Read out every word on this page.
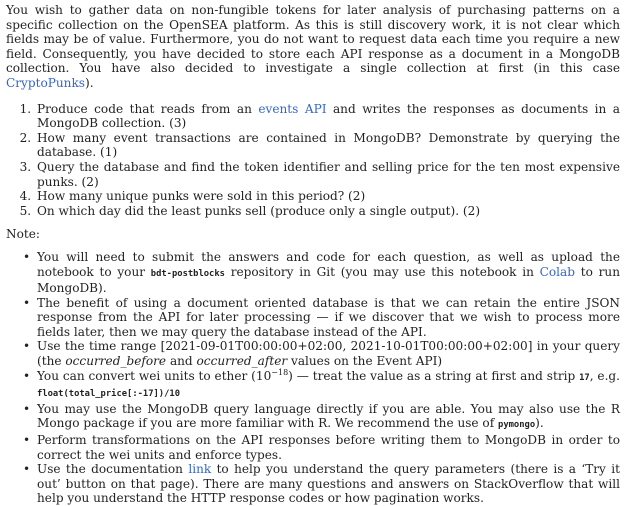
You wish to gather data on non-fungible tokens for later analysis of purchasing patterns on a specific collection on the OpenSEA platform. As this is still discovery work, it is not clear which fields may be of value. Furthermore, you do not want to request data each time you require a new field. Consequently, you have decided to store each API response as a document in a MongoDB collection. You have also decided to investigate a single collection at first (in this case CryptoPunks).

1. Produce code that reads from an events API and writes the responses as documents in a MongoDB collection. (3)
2. How many event transactions are contained in MongoDB? Demonstrate by querying the database. (1)
3. Query the database and find the token identifier and selling price for the ten most expensive punks. (2)
4. How many unique punks were sold in this period? (2)
5. On which day did the least punks sell (produce only a single output). (2)

Note:

• You will need to submit the answers and code for each question, as well as upload the notebook to your bdt-postblocks repository in Git (you may use this notebook in Colab to run MongoDB).
• The benefit of using a document oriented database is that we can retain the entire JSON response from the API for later processing — if we discover that we wish to process more fields later, then we may query the database instead of the API.
• Use the time range [2021-09-01T00:00:00+02:00, 2021-10-01T00:00:00+02:00] in your query (the occurred_before and occurred_after values on the Event API)
• You can convert wei units to ether $(10^{-18})$ — treat the value as a string at first and strip 17, e.g. float(total_price[:-17])/10
• You may use the MongoDB query language directly if you are able. You may also use the R Mongo package if you are more familiar with R. We recommend the use of pymongo).
• Perform transformations on the API responses before writing them to MongoDB in order to correct the wei units and enforce types.
• Use the documentation link to help you understand the query parameters (there is a ‘Try it out’ button on that page). There are many questions and answers on StackOverflow that will help you understand the HTTP response codes or how pagination works.
